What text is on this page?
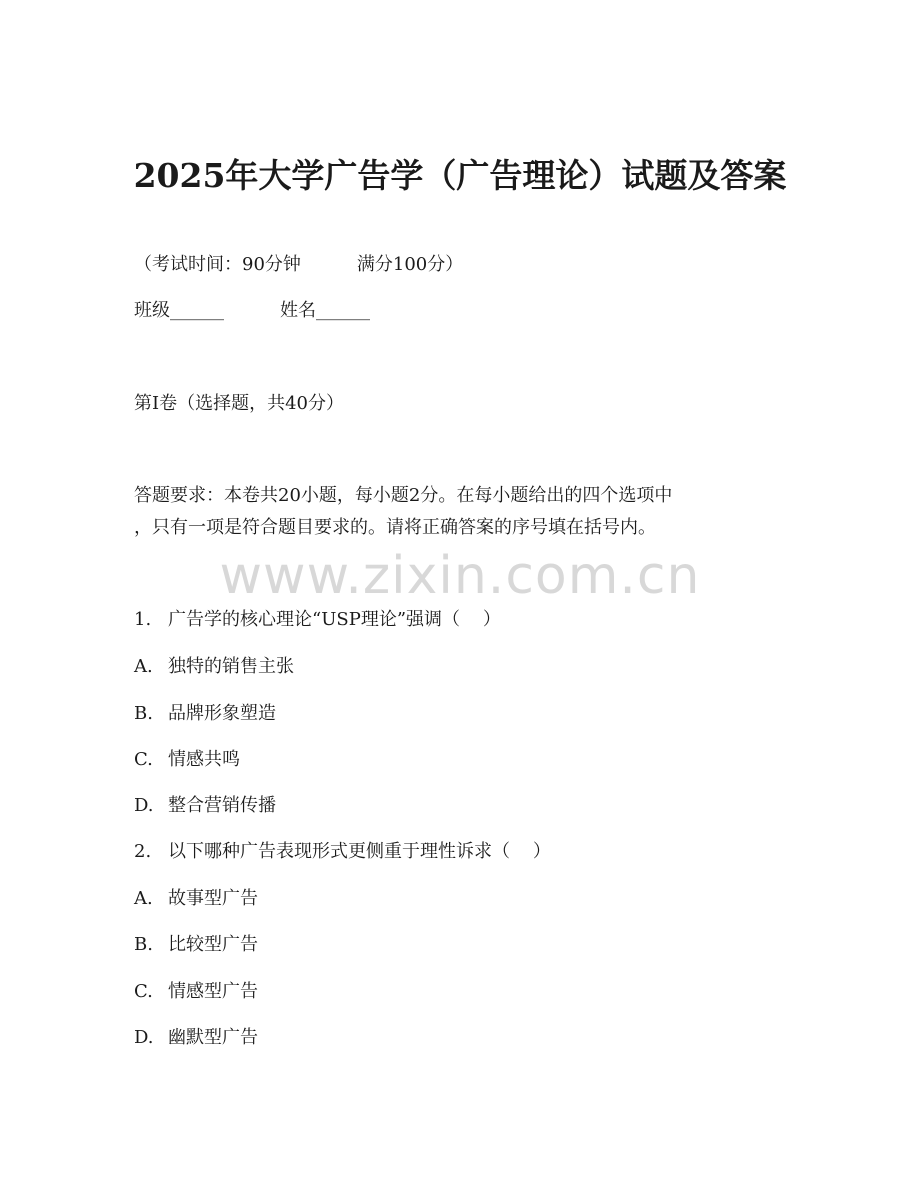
2025年大学广告学（广告理论）试题及答案
（考试时间：90分钟	满分100分）
班级______	姓名______
第I卷（选择题，共40分）
答题要求：本卷共20小题，每小题2分。在每小题给出的四个选项中
，只有一项是符合题目要求的。请将正确答案的序号填在括号内。
www.zixin.com.cn
1. 广告学的核心理论“USP理论”强调（    ）
A. 独特的销售主张
B. 品牌形象塑造
C. 情感共鸣
D. 整合营销传播
2. 以下哪种广告表现形式更侧重于理性诉求（    ）
A. 故事型广告
B. 比较型广告
C. 情感型广告
D. 幽默型广告
